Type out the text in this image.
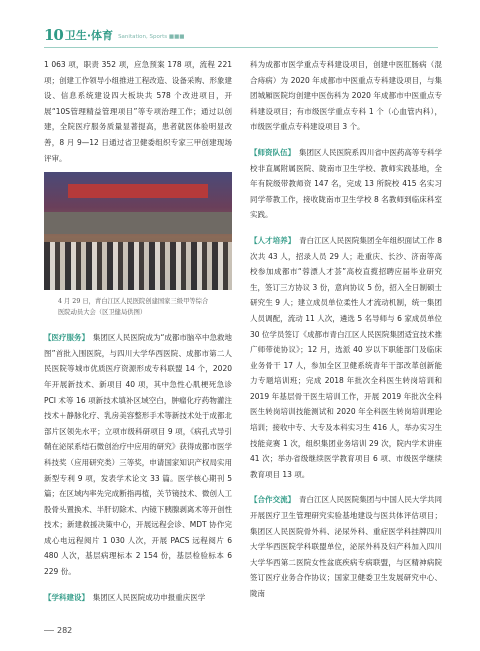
10 卫生·体育 Sanitation, Sports ■■■

1 063 项，职责 352 项，应急预案 178 项，流程 221 项；创建工作领导小组推进工程改造、设备采购、形象建设、信息系统建设四大板块共 578 个改进项目，开展“10S管理精益管理项目”等专项治理工作；通过以创建，全院医疗服务质量显著提高，患者就医体验明显改善，8 月 9—12 日通过省卫健委组织专家三甲创建现场评审。

4 月 29 日，青白江区人民医院创建国家三级甲等综合
医院动员大会（区卫健局供图）

【医疗服务】　 集团区人民医院成为“成都市脑卒中急救地图”首批入围医院，与四川大学华西医院、成都市第二人民医院等城市优质医疗资源形成专科联盟 14 个，2020 年开展新技术、新项目 40 项，其中急性心肌梗死急诊 PCI 术等 16 项新技术填补区域空白，肿瘤化疗药物灌注技术＋静脉化疗、乳房美容整形手术等新技术处于成都北部片区领先水平；立项市级科研项目 9 项，《病孔式导引鞘在泌尿系结石微创治疗中应用的研究》获得成都市医学科技奖（应用研究类）三等奖，申请国家知识产权局实用新型专利 9 项，发表学术论文 33 篇。医学核心期刊 5 篇；在区域内率先完成断指再植，关节镜技术、微创人工股骨头置换术、半肝切除术、内镜下胰腺剥离术等开创性技术；新建救援决策中心，开展远程会诊、MDT 协作完成心电远程阅片 1 030 人次，开展 PACS 远程阅片 6 480 人次，基层病理标本 2 154 份，基层检验标本 6 229 份。

【学科建设】　 集团区人民医院成功申报重庆医学

科为成都市医学重点专科建设项目，创建中医肛肠病（混合痔病）为 2020 年成都市中医重点专科建设项目，与集团城厢医院均创建中医伤科为 2020 年成都市中医重点专科建设项目；有市级医学重点专科 1 个（心血管内科），市级医学重点专科建设项目 3 个。

【师资队伍】　 集团区人民医院系四川省中医药高等专科学校非直属附属医院、陇南市卫生学校、教师实践基地，全年有院级带教师资 147 名，完成 13 所院校 415 名实习同学带教工作，接收陇南市卫生学校 8 名教师到临床科室实践。

【人才培养】　 青白江区人民医院集团全年组织面试工作 8 次共 43 人，招录人员 29 人；赴重庆、长沙、济南等高校参加成都市“蓉漂人才荟”高校直揽招聘应届毕业研究生，签订三方协议 3 份，意向协议 5 份，招入全日制硕士研究生 9 人；建立成员单位柔性人才流动机制，统一集团人员调配，流动 11 人次，遴选 5 名导师与 6 家成员单位 30 位学员签订《成都市青白江区人民医院集团适宜技术推广师带徒协议》；12 月，选派 40 岁以下职能部门及临床业务骨干 17 人，参加全区卫健系统青年干部改革创新能力专题培训班；完成 2018 年批次全科医生转岗培训和 2019 年基层骨干医生培训工作，开展 2019 年批次全科医生转岗培训技能测试和 2020 年全科医生转岗培训理论培训；接收中专、大专及本科实习生 416 人，举办实习生技能竞赛 1 次，组织集团业务培训 29 次，院内学术讲座 41 次；举办省级继续医学教育项目 6 项、市级医学继续教育项目 13 项。

【合作交流】　 青白江区人民医院集团与中国人民大学共同开展医疗卫生管理研究实验基地建设与医共体评估项目；集团区人民医院骨外科、泌尿外科、重症医学科挂牌四川大学华西医院学科联盟单位，泌尿外科及妇产科加入四川大学华西第二医院女性盆底疾病专病联盟，与区精神病院签订医疗业务合作协议；国家卫健委卫生发展研究中心、陇南

282
